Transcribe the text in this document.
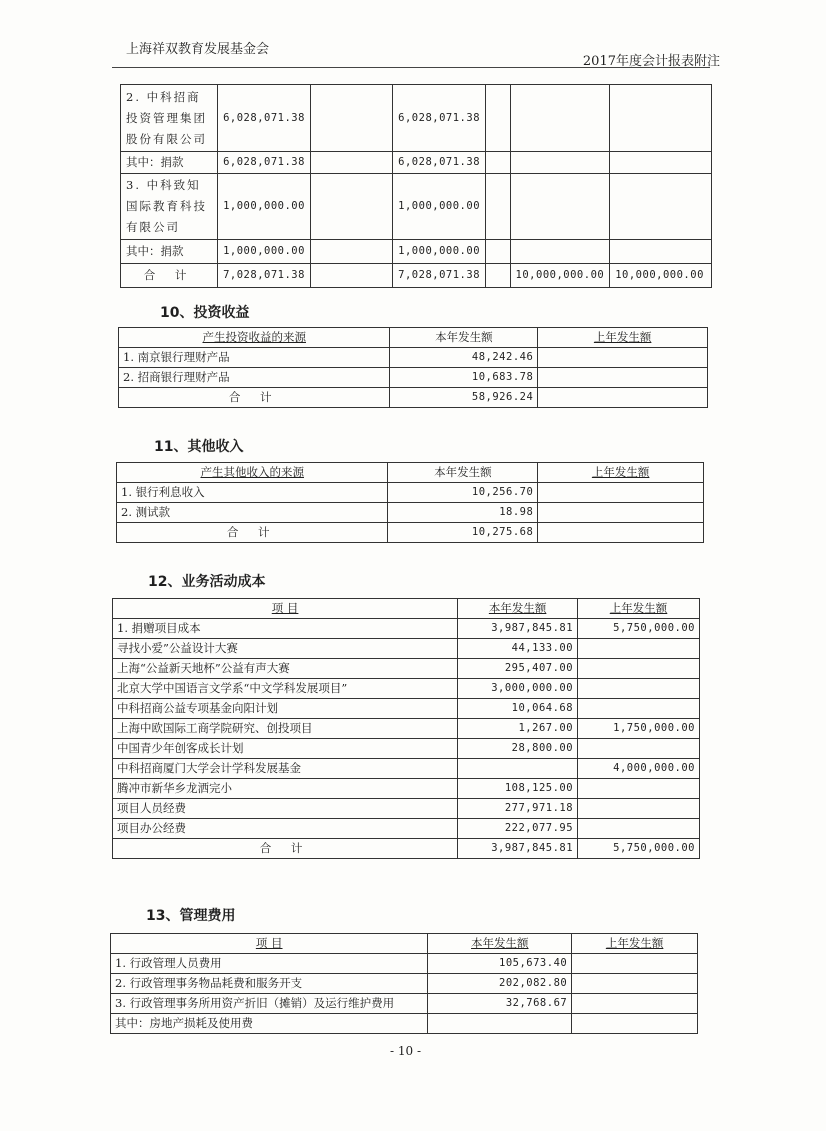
上海祥双教育发展基金会
2017年度会计报表附注
2. 中科招商投资管理集团股份有限公司	6,028,071.38		6,028,071.38			
其中：捐款	6,028,071.38		6,028,071.38			
3. 中科致知国际教育科技有限公司	1,000,000.00		1,000,000.00			
其中：捐款	1,000,000.00		1,000,000.00			
合 计	7,028,071.38		7,028,071.38		10,000,000.00	10,000,000.00
10、投资收益
产生投资收益的来源	本年发生额	上年发生额
1. 南京银行理财产品	48,242.46	
2. 招商银行理财产品	10,683.78	
合 计	58,926.24	
11、其他收入
产生其他收入的来源	本年发生额	上年发生额
1. 银行利息收入	10,256.70	
2. 测试款	18.98	
合 计	10,275.68	
12、业务活动成本
项 目	本年发生额	上年发生额
1. 捐赠项目成本	3,987,845.81	5,750,000.00
寻找小爱”公益设计大赛	44,133.00	
上海“公益新天地杯”公益有声大赛	295,407.00	
北京大学中国语言文学系“中文学科发展项目”	3,000,000.00	
中科招商公益专项基金向阳计划	10,064.68	
上海中欧国际工商学院研究、创投项目	1,267.00	1,750,000.00
中国青少年创客成长计划	28,800.00	
中科招商厦门大学会计学科发展基金		4,000,000.00
腾冲市新华乡龙洒完小	108,125.00	
项目人员经费	277,971.18	
项目办公经费	222,077.95	
合 计	3,987,845.81	5,750,000.00
13、管理费用
项 目	本年发生额	上年发生额
1. 行政管理人员费用	105,673.40	
2. 行政管理事务物品耗费和服务开支	202,082.80	
3. 行政管理事务所用资产折旧（摊销）及运行维护费用	32,768.67	
其中：房地产损耗及使用费		
- 10 -
